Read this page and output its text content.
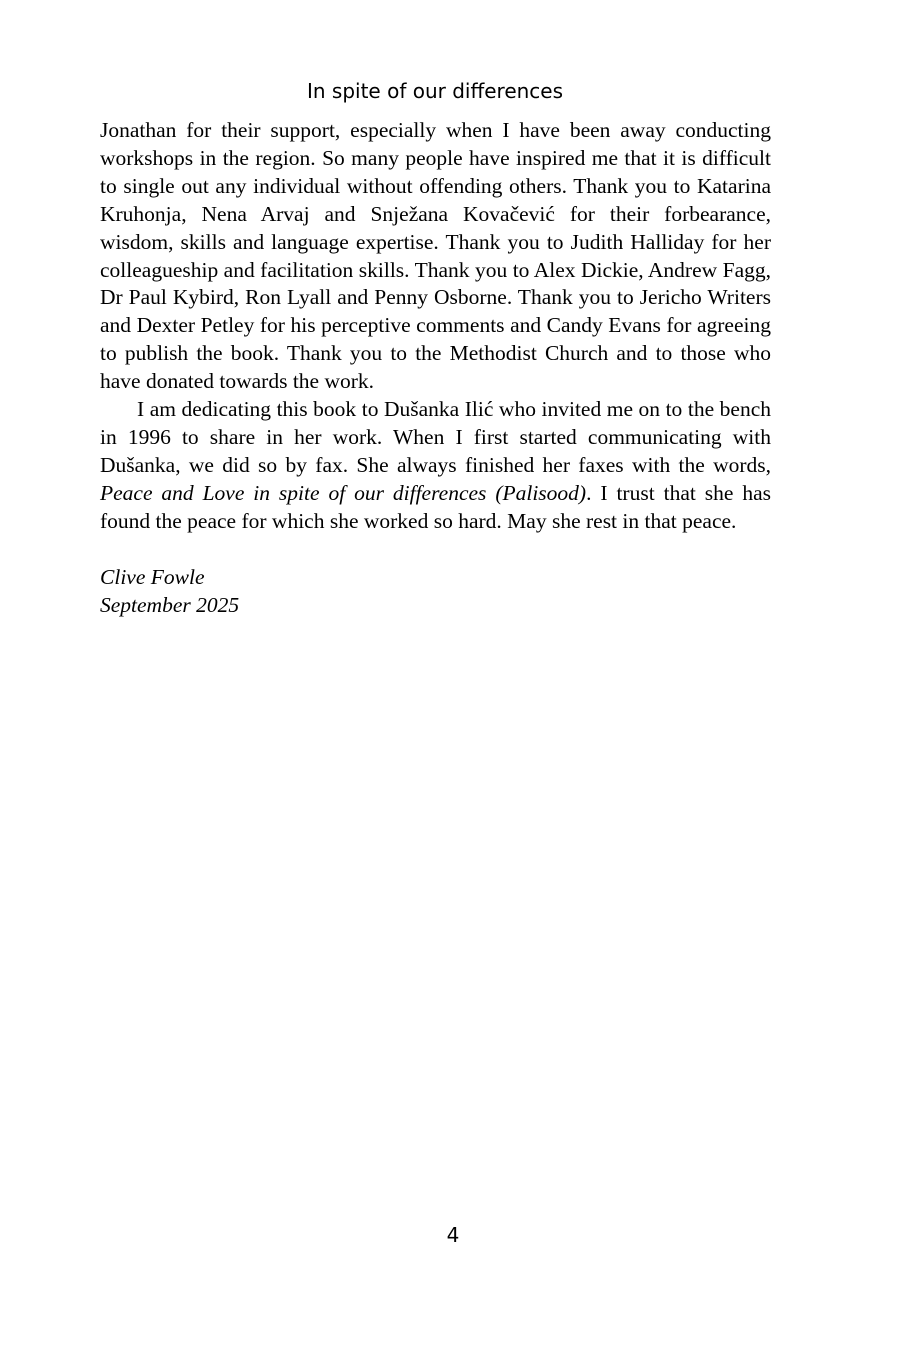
In spite of our differences

Jonathan for their support, especially when I have been away conducting workshops in the region. So many people have inspired me that it is difficult to single out any individual without offending others. Thank you to Katarina Kruhonja, Nena Arvaj and Snježana Kovačević for their forbearance, wisdom, skills and language expertise. Thank you to Judith Halliday for her colleagueship and facilitation skills. Thank you to Alex Dickie, Andrew Fagg, Dr Paul Kybird, Ron Lyall and Penny Osborne. Thank you to Jericho Writers and Dexter Petley for his perceptive comments and Candy Evans for agreeing to publish the book. Thank you to the Methodist Church and to those who have donated towards the work.

I am dedicating this book to Dušanka Ilić who invited me on to the bench in 1996 to share in her work. When I first started communicating with Dušanka, we did so by fax. She always finished her faxes with the words, Peace and Love in spite of our differences (Palisood). I trust that she has found the peace for which she worked so hard. May she rest in that peace.

Clive Fowle
September 2025
4
